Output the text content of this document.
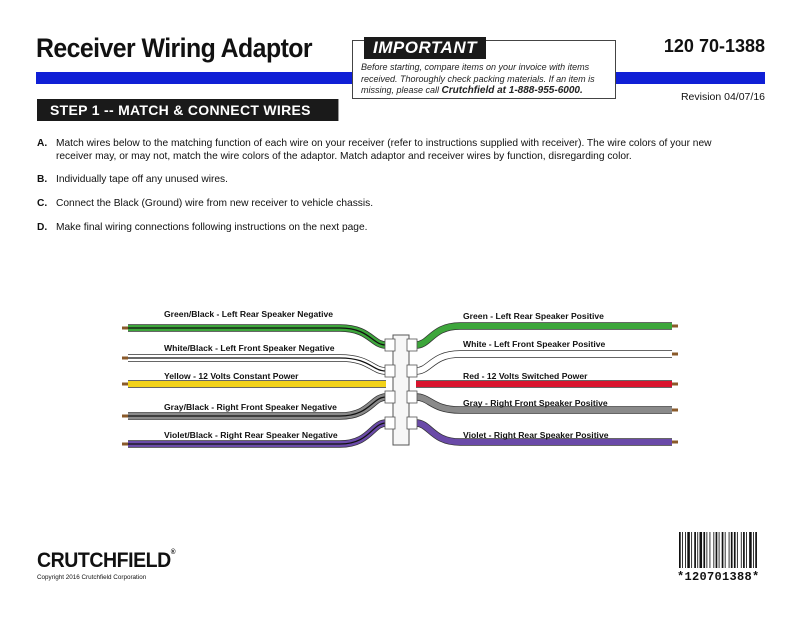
Receiver Wiring Adaptor	120 70-1388
Revision 04/07/16
IMPORTANT
Before starting, compare items on your invoice with items received. Thoroughly check packing materials. If an item is missing, please call Crutchfield at 1-888-955-6000.
STEP 1 -- MATCH & CONNECT WIRES
A. Match wires below to the matching function of each wire on your receiver (refer to instructions supplied with receiver). The wire colors of your new receiver may, or may not, match the wire colors of the adaptor. Match adaptor and receiver wires by function, disregarding color.
B. Individually tape off any unused wires.
C. Connect the Black (Ground) wire from new receiver to vehicle chassis.
D. Make final wiring connections following instructions on the next page.
Green/Black - Left Rear Speaker Negative
White/Black - Left Front Speaker Negative
Yellow - 12 Volts Constant Power
Gray/Black - Right Front Speaker Negative
Violet/Black - Right Rear Speaker Negative
Green - Left Rear Speaker Positive
White - Left Front Speaker Positive
Red - 12 Volts Switched Power
Gray - Right Front Speaker Positive
Violet - Right Rear Speaker Positive
CRUTCHFIELD®
Copyright 2016 Crutchfield Corporation	*120701388*
